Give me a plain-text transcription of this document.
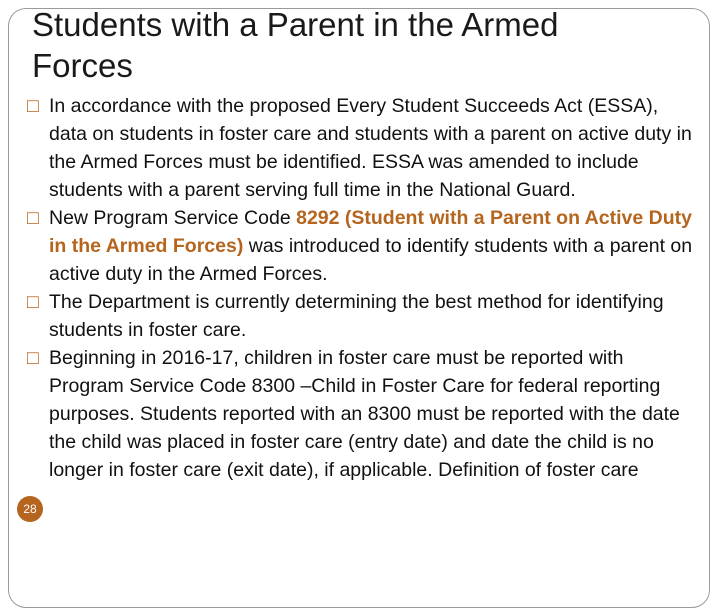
Students with a Parent in the Armed Forces
□ In accordance with the proposed Every Student Succeeds Act (ESSA), data on students in foster care and students with a parent on active duty in the Armed Forces must be identified. ESSA was amended to include students with a parent serving full time in the National Guard.
□ New Program Service Code 8292 (Student with a Parent on Active Duty in the Armed Forces) was introduced to identify students with a parent on active duty in the Armed Forces.
□ The Department is currently determining the best method for identifying students in foster care.
□ Beginning in 2016-17, children in foster care must be reported with Program Service Code 8300 –Child in Foster Care for federal reporting purposes. Students reported with an 8300 must be reported with the date the child was placed in foster care (entry date) and date the child is no longer in foster care (exit date), if applicable. Definition of foster care
28
